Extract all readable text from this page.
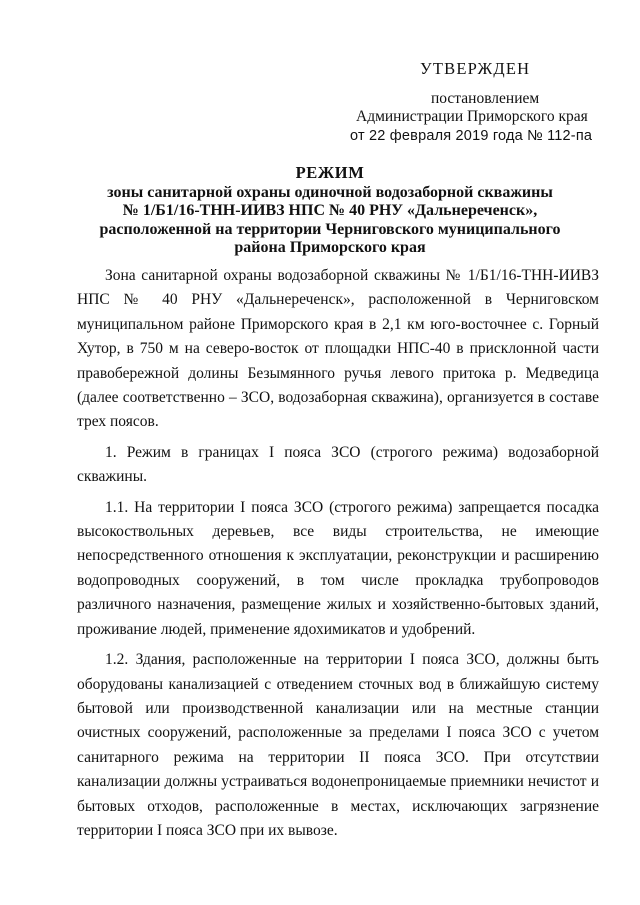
УТВЕРЖДЕН
постановлением
Администрации Приморского края
от 22 февраля 2019 года № 112-па
РЕЖИМ
зоны санитарной охраны одиночной водозаборной скважины
№ 1/Б1/16-ТНН-ИИВЗ НПС № 40 РНУ «Дальнереченск»,
расположенной на территории Черниговского муниципального
района Приморского края

Зона санитарной охраны водозаборной скважины № 1/Б1/16-ТНН-ИИВЗ НПС № 40 РНУ «Дальнереченск», расположенной в Черниговском муниципальном районе Приморского края в 2,1 км юго-восточнее с. Горный Хутор, в 750 м на северо-восток от площадки НПС-40 в присклонной части правобережной долины Безымянного ручья левого притока р. Медведица (далее соответственно – ЗСО, водозаборная скважина), организуется в составе трех поясов.

1. Режим в границах I пояса ЗСО (строгого режима) водозаборной скважины.

1.1. На территории I пояса ЗСО (строгого режима) запрещается посадка высокоствольных деревьев, все виды строительства, не имеющие непосредственного отношения к эксплуатации, реконструкции и расширению водопроводных сооружений, в том числе прокладка трубопроводов различного назначения, размещение жилых и хозяйственно-бытовых зданий, проживание людей, применение ядохимикатов и удобрений.

1.2. Здания, расположенные на территории I пояса ЗСО, должны быть оборудованы канализацией с отведением сточных вод в ближайшую систему бытовой или производственной канализации или на местные станции очистных сооружений, расположенные за пределами I пояса ЗСО с учетом санитарного режима на территории II пояса ЗСО. При отсутствии канализации должны устраиваться водонепроницаемые приемники нечистот и бытовых отходов, расположенные в местах, исключающих загрязнение территории I пояса ЗСО при их вывозе.
